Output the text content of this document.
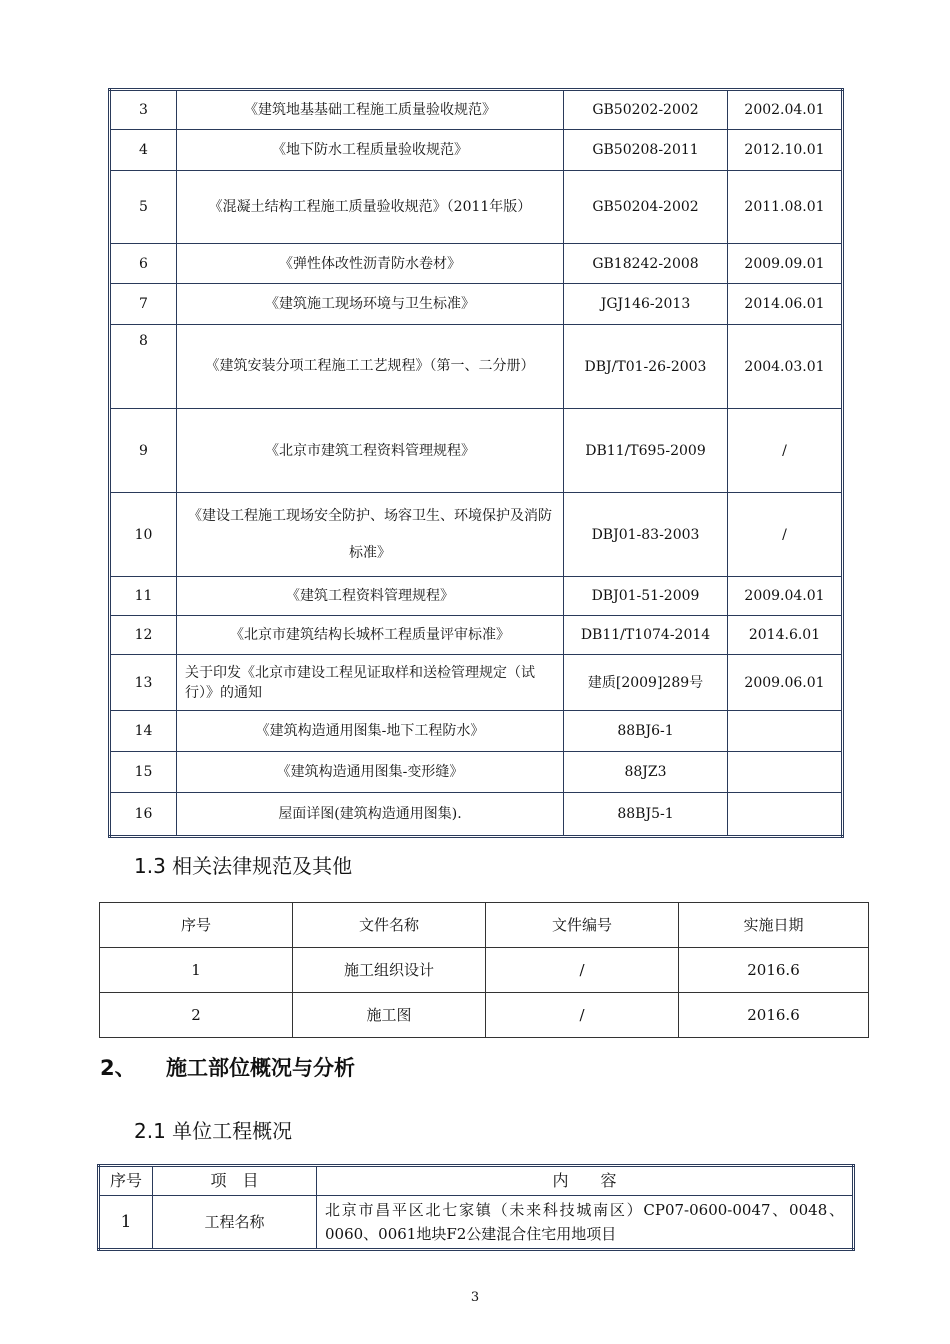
3	《建筑地基基础工程施工质量验收规范》	GB50202-2002	2002.04.01
4	《地下防水工程质量验收规范》	GB50208-2011	2012.10.01
5	《混凝土结构工程施工质量验收规范》（2011年版）	GB50204-2002	2011.08.01
6	《弹性体改性沥青防水卷材》	GB18242-2008	2009.09.01
7	《建筑施工现场环境与卫生标准》	JGJ146-2013	2014.06.01
8	《建筑安装分项工程施工工艺规程》（第一、二分册）	DBJ/T01-26-2003	2004.03.01
9	《北京市建筑工程资料管理规程》	DB11/T695-2009	/
10	《建设工程施工现场安全防护、场容卫生、环境保护及消防标准》	DBJ01-83-2003	/
11	《建筑工程资料管理规程》	DBJ01-51-2009	2009.04.01
12	《北京市建筑结构长城杯工程质量评审标准》	DB11/T1074-2014	2014.6.01
13	关于印发《北京市建设工程见证取样和送检管理规定（试行）》的通知	建质[2009]289号	2009.06.01
14	《建筑构造通用图集-地下工程防水》	88BJ6-1	
15	《建筑构造通用图集-变形缝》	88JZ3	
16	屋面详图(建筑构造通用图集).	88BJ5-1	
1.3 相关法律规范及其他
序号	文件名称	文件编号	实施日期
1	施工组织设计	/	2016.6
2	施工图	/	2016.6
2、 施工部位概况与分析
2.1 单位工程概况
序号	项　目	内　　容
1	工程名称	北京市昌平区北七家镇（未来科技城南区）CP07-0600-0047、0048、0060、0061地块F2公建混合住宅用地项目
3
